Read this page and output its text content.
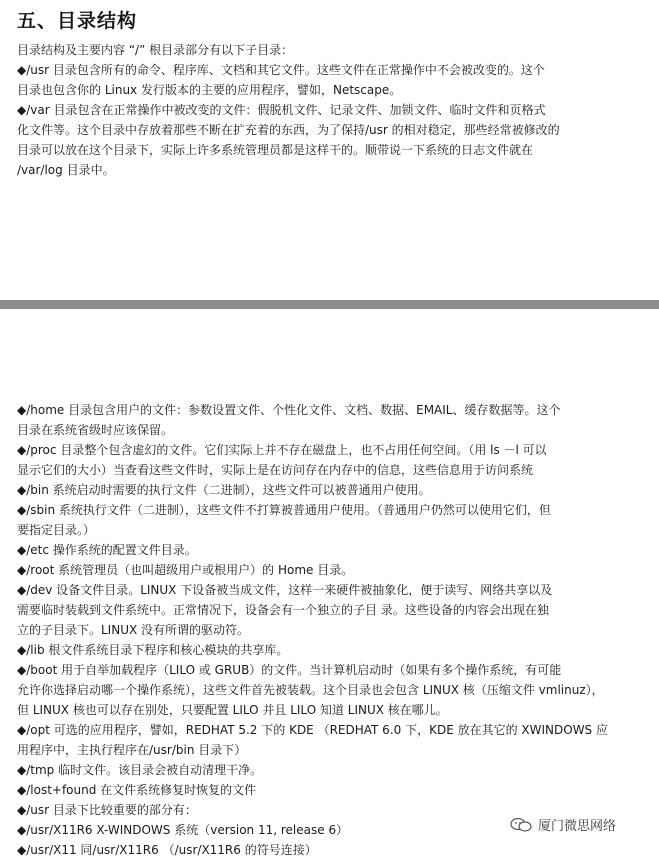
五、目录结构
目录结构及主要内容 “/” 根目录部分有以下子目录：
◆/usr 目录包含所有的命令、程序库、文档和其它文件。这些文件在正常操作中不会被改变的。这个
目录也包含你的 Linux 发行版本的主要的应用程序，譬如，Netscape。
◆/var 目录包含在正常操作中被改变的文件：假脱机文件、记录文件、加锁文件、临时文件和页格式
化文件等。这个目录中存放着那些不断在扩充着的东西，为了保持/usr 的相对稳定，那些经常被修改的
目录可以放在这个目录下，实际上许多系统管理员都是这样干的。顺带说一下系统的日志文件就在
/var/log 目录中。
◆/home 目录包含用户的文件：参数设置文件、个性化文件、文档、数据、EMAIL、缓存数据等。这个
目录在系统省级时应该保留。
◆/proc 目录整个包含虚幻的文件。它们实际上并不存在磁盘上，也不占用任何空间。（用 ls －l 可以
显示它们的大小）当查看这些文件时，实际上是在访问存在内存中的信息，这些信息用于访问系统
◆/bin 系统启动时需要的执行文件（二进制），这些文件可以被普通用户使用。
◆/sbin 系统执行文件（二进制），这些文件不打算被普通用户使用。（普通用户仍然可以使用它们，但
要指定目录。）
◆/etc 操作系统的配置文件目录。
◆/root 系统管理员（也叫超级用户或根用户）的 Home 目录。
◆/dev 设备文件目录。LINUX 下设备被当成文件，这样一来硬件被抽象化，便于读写、网络共享以及
需要临时装载到文件系统中。正常情况下，设备会有一个独立的子目 录。这些设备的内容会出现在独
立的子目录下。LINUX 没有所谓的驱动符。
◆/lib 根文件系统目录下程序和核心模块的共享库。
◆/boot 用于自举加载程序（LILO 或 GRUB）的文件。当计算机启动时（如果有多个操作系统，有可能
允许你选择启动哪一个操作系统），这些文件首先被装载。这个目录也会包含 LINUX 核（压缩文件 vmlinuz），
但 LINUX 核也可以存在别处，只要配置 LILO 并且 LILO 知道 LINUX 核在哪儿。
◆/opt 可选的应用程序，譬如，REDHAT 5.2 下的 KDE （REDHAT 6.0 下，KDE 放在其它的 XWINDOWS 应
用程序中，主执行程序在/usr/bin 目录下）
◆/tmp 临时文件。该目录会被自动清理干净。
◆/lost+found 在文件系统修复时恢复的文件
◆/usr 目录下比较重要的部分有：
◆/usr/X11R6 X-WINDOWS 系统（version 11, release 6）
◆/usr/X11 同/usr/X11R6 （/usr/X11R6 的符号连接）
厦门微思网络
